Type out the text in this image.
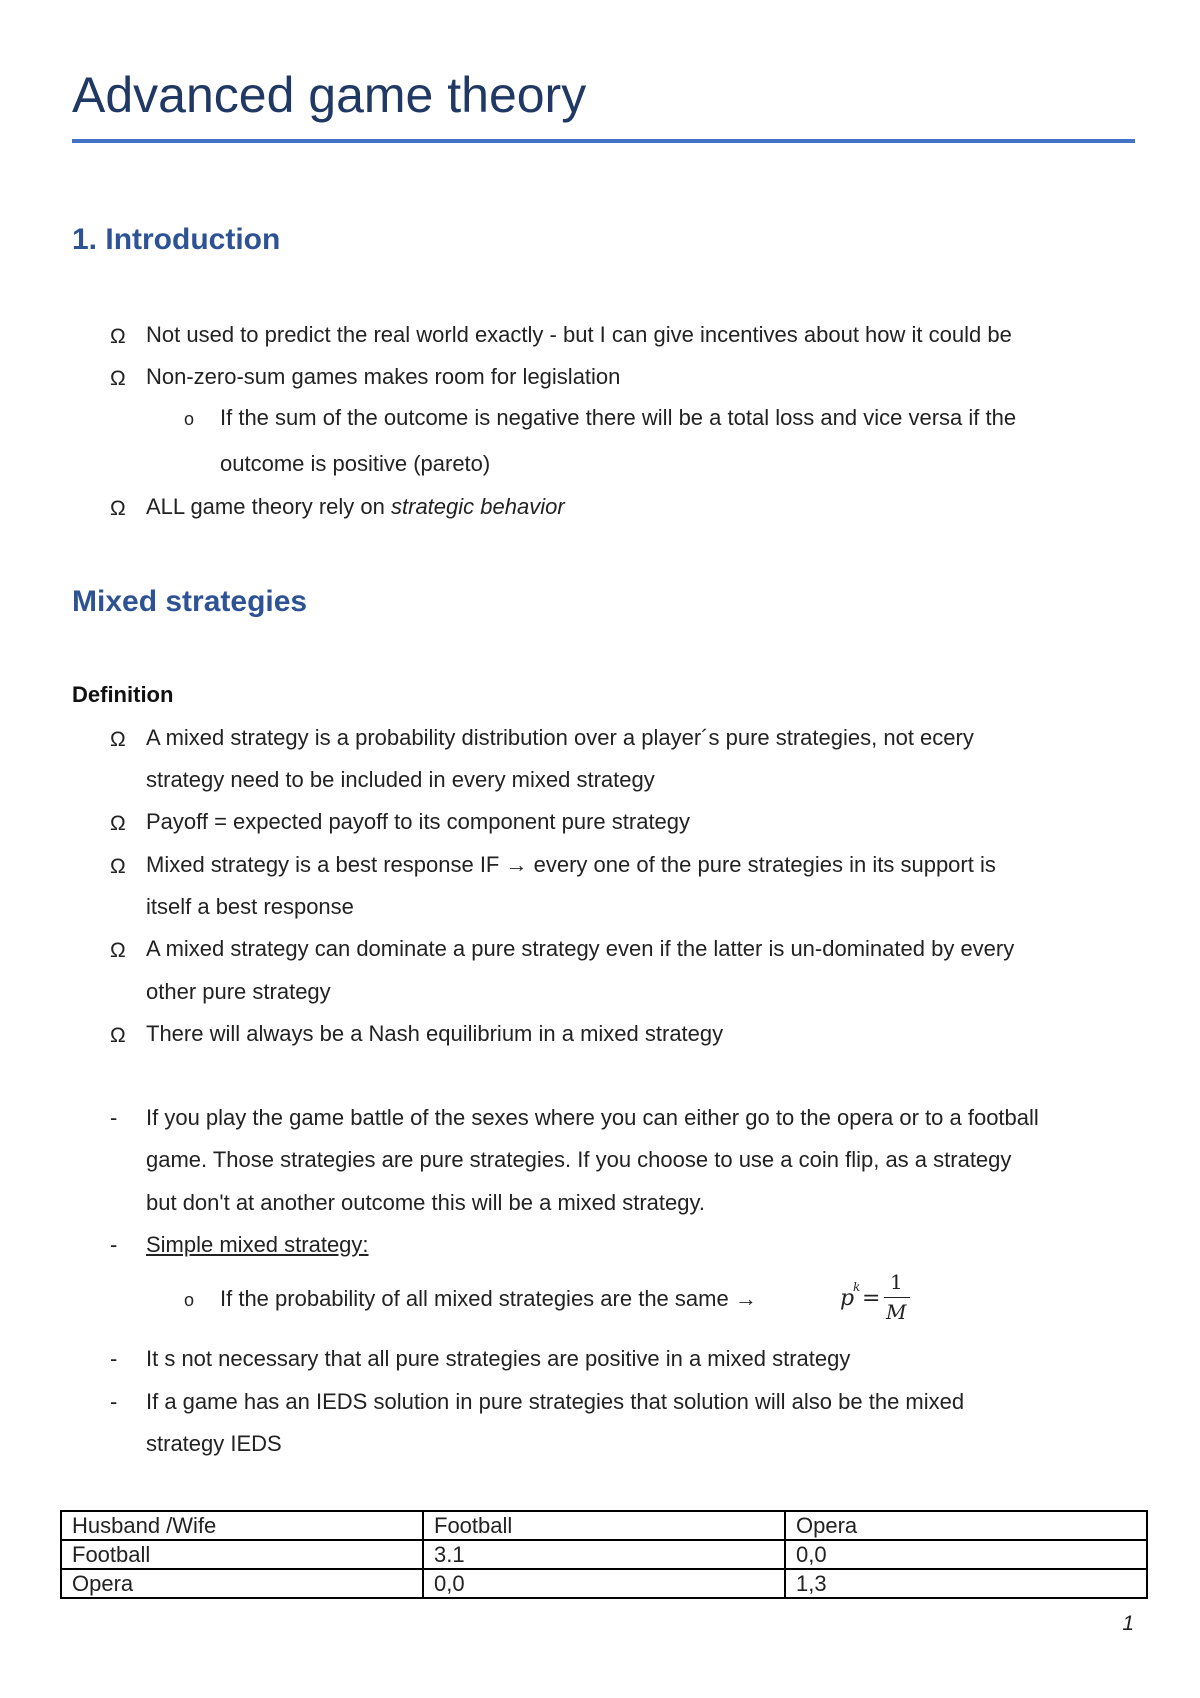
Advanced game theory
1. Introduction
Ω Not used to predict the real world exactly - but I can give incentives about how it could be
Ω Non-zero-sum games makes room for legislation
o If the sum of the outcome is negative there will be a total loss and vice versa if the
outcome is positive (pareto)
Ω ALL game theory rely on strategic behavior
Mixed strategies
Definition
Ω A mixed strategy is a probability distribution over a player´s pure strategies, not ecery
strategy need to be included in every mixed strategy
Ω Payoff = expected payoff to its component pure strategy
Ω Mixed strategy is a best response IF → every one of the pure strategies in its support is
itself a best response
Ω A mixed strategy can dominate a pure strategy even if the latter is un-dominated by every
other pure strategy
Ω There will always be a Nash equilibrium in a mixed strategy
- If you play the game battle of the sexes where you can either go to the opera or to a football
game. Those strategies are pure strategies. If you choose to use a coin flip, as a strategy
but don't at another outcome this will be a mixed strategy.
-
Simple mixed strategy:
o If the probability of all mixed strategies are the same →	p
k =
1
M
- It s not necessary that all pure strategies are positive in a mixed strategy
- If a game has an IEDS solution in pure strategies that solution will also be the mixed
strategy IEDS
Husband /Wife	Football	Opera
Football	3.1	0,0
Opera	0,0	1,3
1
